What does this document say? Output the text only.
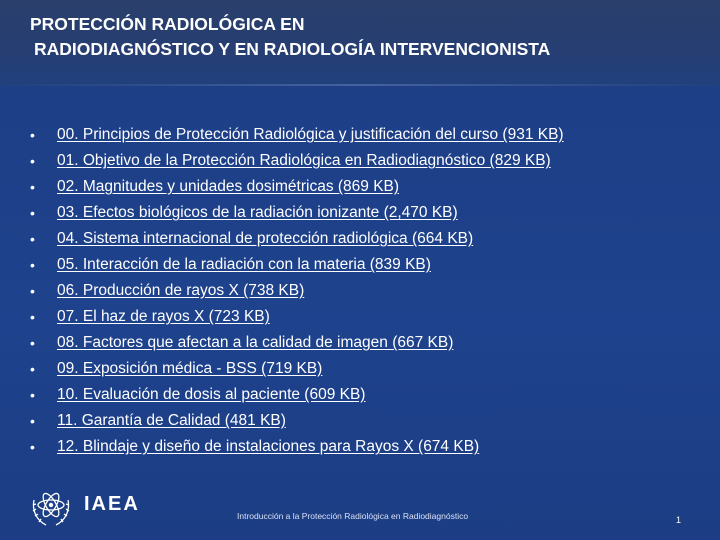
PROTECCIÓN RADIOLÓGICA EN
RADIODIAGNÓSTICO Y EN RADIOLOGÍA INTERVENCIONISTA
•	00. Principios de Protección Radiológica y justificación del curso (931 KB)
•	01. Objetivo de la Protección Radiológica en Radiodiagnóstico (829 KB)
•	02. Magnitudes y unidades dosimétricas (869 KB)
•	03. Efectos biológicos de la radiación ionizante (2,470 KB)
•	04. Sistema internacional de protección radiológica (664 KB)
•	05. Interacción de la radiación con la materia (839 KB)
•	06. Producción de rayos X (738 KB)
•	07. El haz de rayos X (723 KB)
•	08. Factores que afectan a la calidad de imagen (667 KB)
•	09. Exposición médica - BSS (719 KB)
•	10. Evaluación de dosis al paciente (609 KB)
•	11. Garantía de Calidad (481 KB)
•	12. Blindaje y diseño de instalaciones para Rayos X (674 KB)
IAEA
Introducción a la Protección Radiológica en Radiodiagnóstico	1
